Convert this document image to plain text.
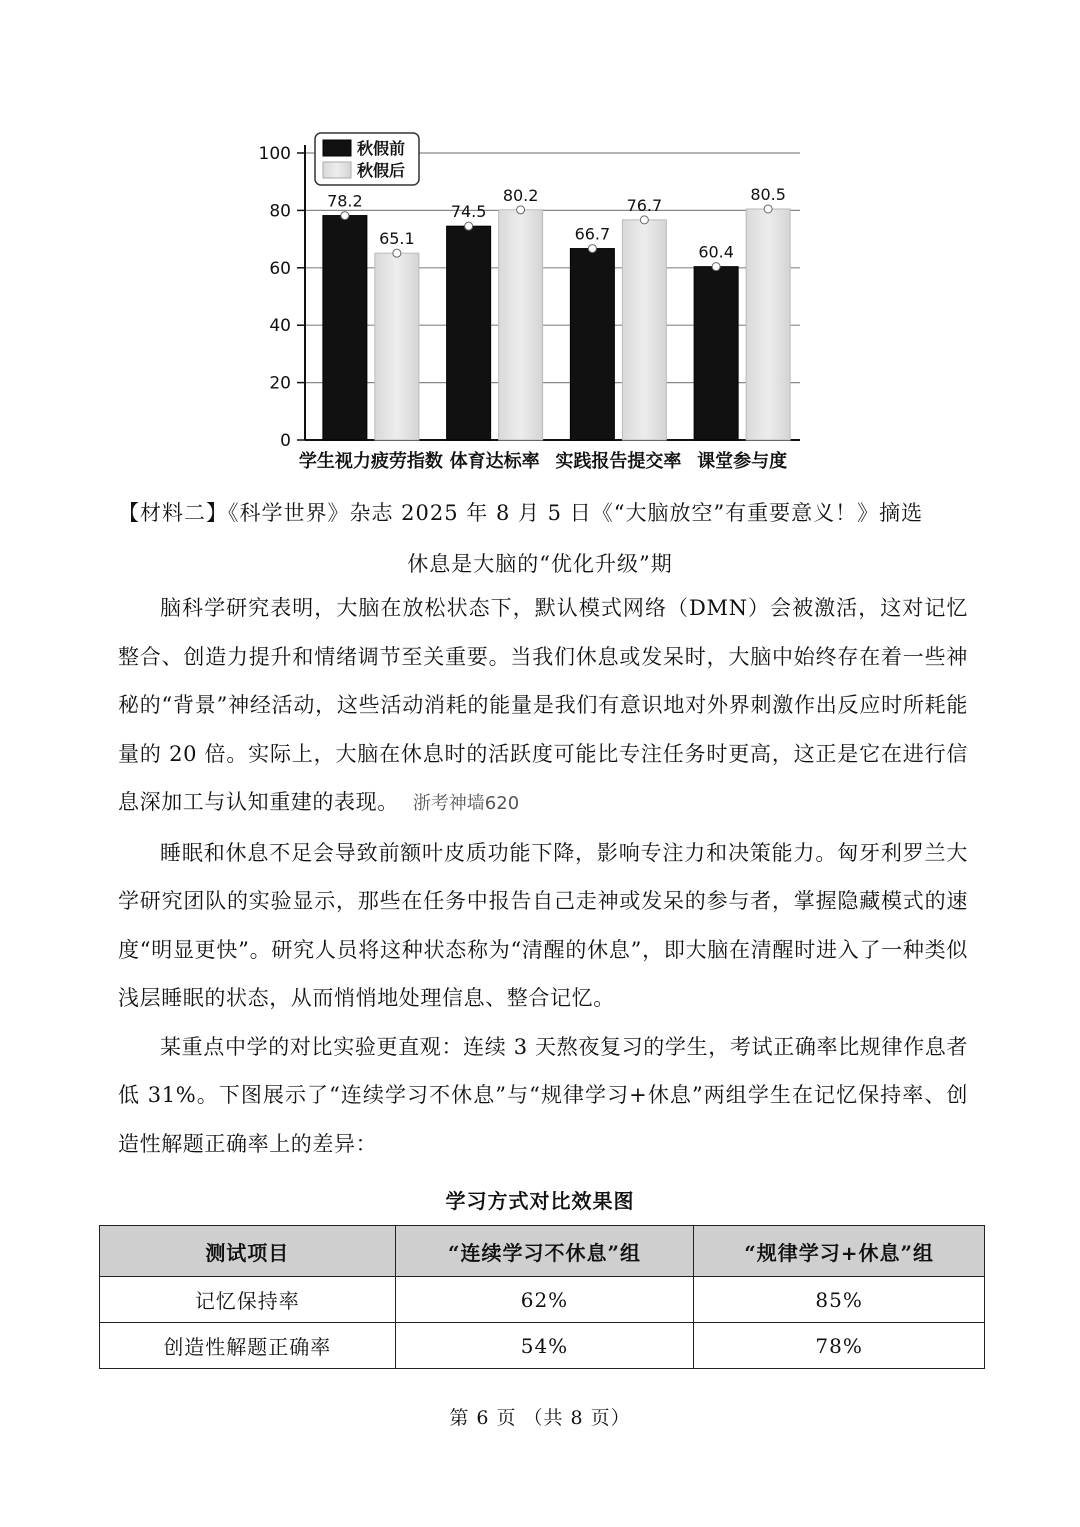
0
20
40
60
80
100
78.2
65.1
学生视力疲劳指数
74.5
80.2
体育达标率
66.7
76.7
实践报告提交率
60.4
80.5
课堂参与度
秋假前
秋假后
【材料二】《科学世界》杂志 2025 年 8 月 5 日《“大脑放空”有重要意义！》摘选
休息是大脑的“优化升级”期

脑科学研究表明，大脑在放松状态下，默认模式网络（DMN）会被激活，这对记忆整合、创造力提升和情绪调节至关重要。当我们休息或发呆时，大脑中始终存在着一些神秘的“背景”神经活动，这些活动消耗的能量是我们有意识地对外界刺激作出反应时所耗能量的 20 倍。实际上，大脑在休息时的活跃度可能比专注任务时更高，这正是它在进行信息深加工与认知重建的表现。 浙考神墙620

睡眠和休息不足会导致前额叶皮质功能下降，影响专注力和决策能力。匈牙利罗兰大学研究团队的实验显示，那些在任务中报告自己走神或发呆的参与者，掌握隐藏模式的速度“明显更快”。研究人员将这种状态称为“清醒的休息”，即大脑在清醒时进入了一种类似浅层睡眠的状态，从而悄悄地处理信息、整合记忆。

某重点中学的对比实验更直观：连续 3 天熬夜复习的学生，考试正确率比规律作息者低 31%。下图展示了“连续学习不休息”与“规律学习+休息”两组学生在记忆保持率、创造性解题正确率上的差异：

学习方式对比效果图
测试项目	“连续学习不休息”组	“规律学习+休息”组
记忆保持率	62%	85%
创造性解题正确率	54%	78%
第 6 页 （共 8 页）
